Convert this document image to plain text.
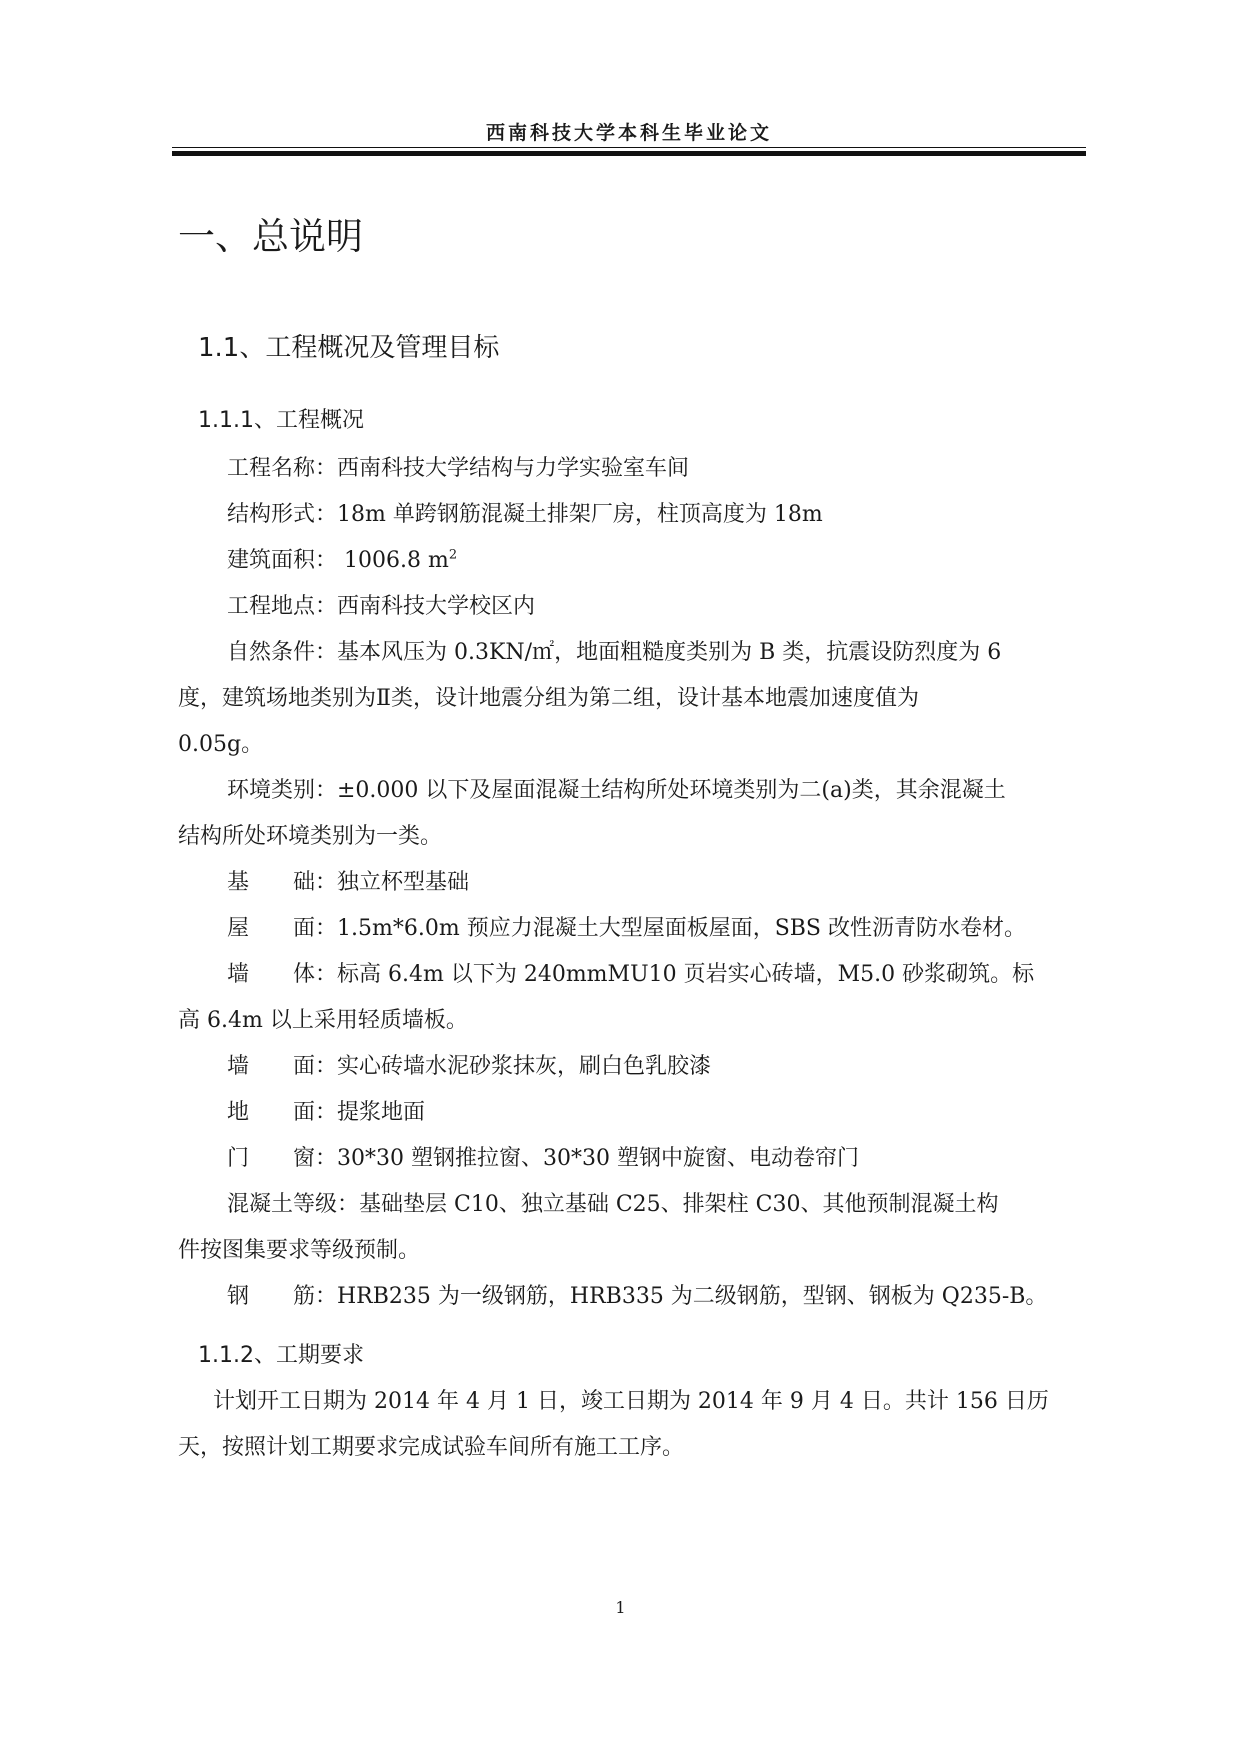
西南科技大学本科生毕业论文
一、总说明
1.1、工程概况及管理目标
1.1.1、工程概况
工程名称：西南科技大学结构与力学实验室车间
结构形式：18m 单跨钢筋混凝土排架厂房，柱顶高度为 18m
建筑面积： 1006.8 $m^2$
工程地点：西南科技大学校区内
自然条件：基本风压为 0.3KN/㎡，地面粗糙度类别为 B 类，抗震设防烈度为 6
度，建筑场地类别为Ⅱ类，设计地震分组为第二组，设计基本地震加速度值为
0.05g。
环境类别：±0.000 以下及屋面混凝土结构所处环境类别为二(a)类，其余混凝土
结构所处环境类别为一类。
基　　础：独立杯型基础
屋　　面：1.5m*6.0m 预应力混凝土大型屋面板屋面，SBS 改性沥青防水卷材。
墙　　体：标高 6.4m 以下为 240mmMU10 页岩实心砖墙，M5.0 砂浆砌筑。标
高 6.4m 以上采用轻质墙板。
墙　　面：实心砖墙水泥砂浆抹灰，刷白色乳胶漆
地　　面：提浆地面
门　　窗：30*30 塑钢推拉窗、30*30 塑钢中旋窗、电动卷帘门
混凝土等级：基础垫层 C10、独立基础 C25、排架柱 C30、其他预制混凝土构
件按图集要求等级预制。
钢　　筋：HRB235 为一级钢筋，HRB335 为二级钢筋，型钢、钢板为 Q235-B。
1.1.2、工期要求
计划开工日期为 2014 年 4 月 1 日，竣工日期为 2014 年 9 月 4 日。共计 156 日历
天，按照计划工期要求完成试验车间所有施工工序。
1
